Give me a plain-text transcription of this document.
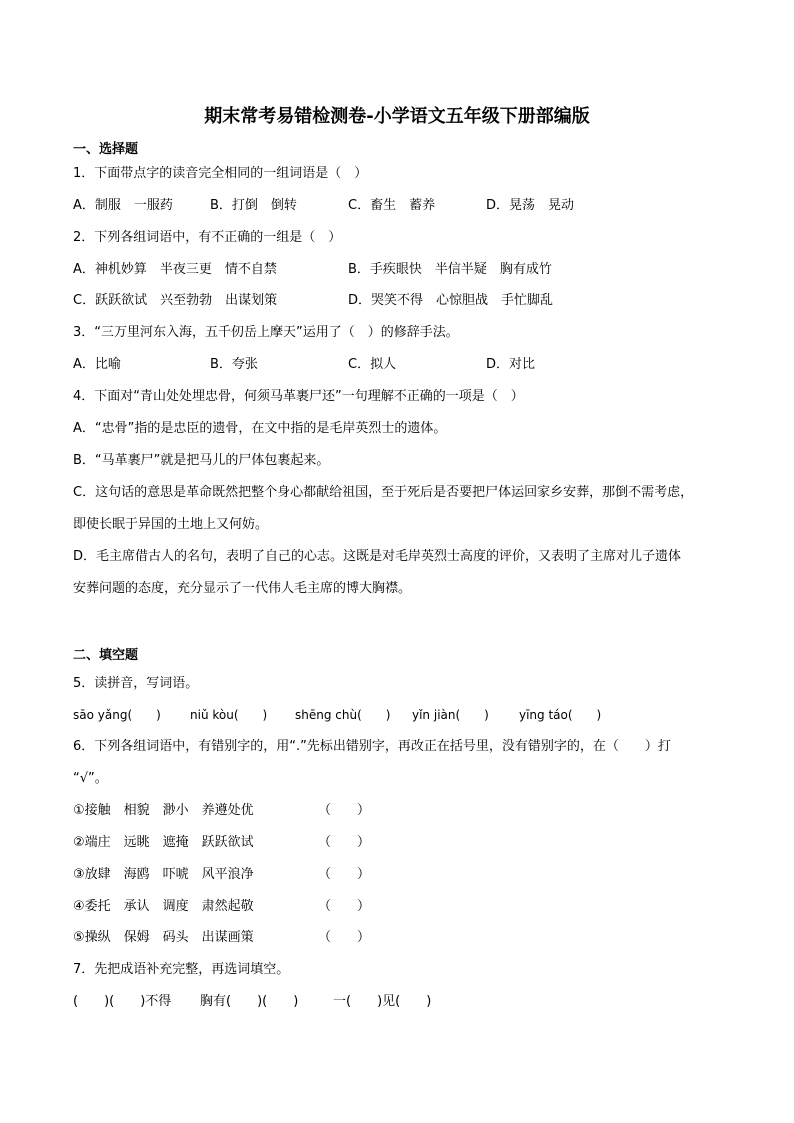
期末常考易错检测卷-小学语文五年级下册部编版
一、选择题
1．下面带点字的读音完全相同的一组词语是（　）
A．制服　一服药	B．打倒　倒转	C．畜生　蓄养	D．晃荡　晃动
2．下列各组词语中，有不正确的一组是（　）
A．神机妙算　半夜三更　情不自禁	B．手疾眼快　半信半疑　胸有成竹
C．跃跃欲试　兴至勃勃　出谋划策	D．哭笑不得　心惊胆战　手忙脚乱
3．“三万里河东入海，五千仞岳上摩天”运用了（　）的修辞手法。
A．比喻	B．夸张	C．拟人	D．对比
4．下面对“青山处处埋忠骨，何须马革裹尸还”一句理解不正确的一项是（　）
A．“忠骨”指的是忠臣的遗骨，在文中指的是毛岸英烈士的遗体。
B．“马革裹尸”就是把马儿的尸体包裹起来。
C．这句话的意思是革命既然把整个身心都献给祖国，至于死后是否要把尸体运回家乡安葬，那倒不需考虑，
即使长眠于异国的土地上又何妨。
D．毛主席借古人的名句，表明了自己的心志。这既是对毛岸英烈士高度的评价，又表明了主席对儿子遗体
安葬问题的态度，充分显示了一代伟人毛主席的博大胸襟。
二、填空题
5．读拼音，写词语。
sāo yǎng(　　) niǔ kòu(　　) shēng chù(　　) yǐn jiàn(　　)	yīng táo(　　)
6．下列各组词语中，有错别字的，用“.”先标出错别字，再改正在括号里，没有错别字的，在（　　）打
“√”。
①接触　相貌　渺小　养遵处优	（　　）
②端庄　远眺　遮掩　跃跃欲试	（　　）
③放肆　海鸥　吓唬　风平浪净	（　　）
④委托　承认　调度　肃然起敬	（　　）
⑤操纵　保姆　码头　出谋画策	（　　）
7．先把成语补充完整，再选词填空。
(　　)(　　)不得 胸有(　　)(　　)	一(　　)见(　　)
